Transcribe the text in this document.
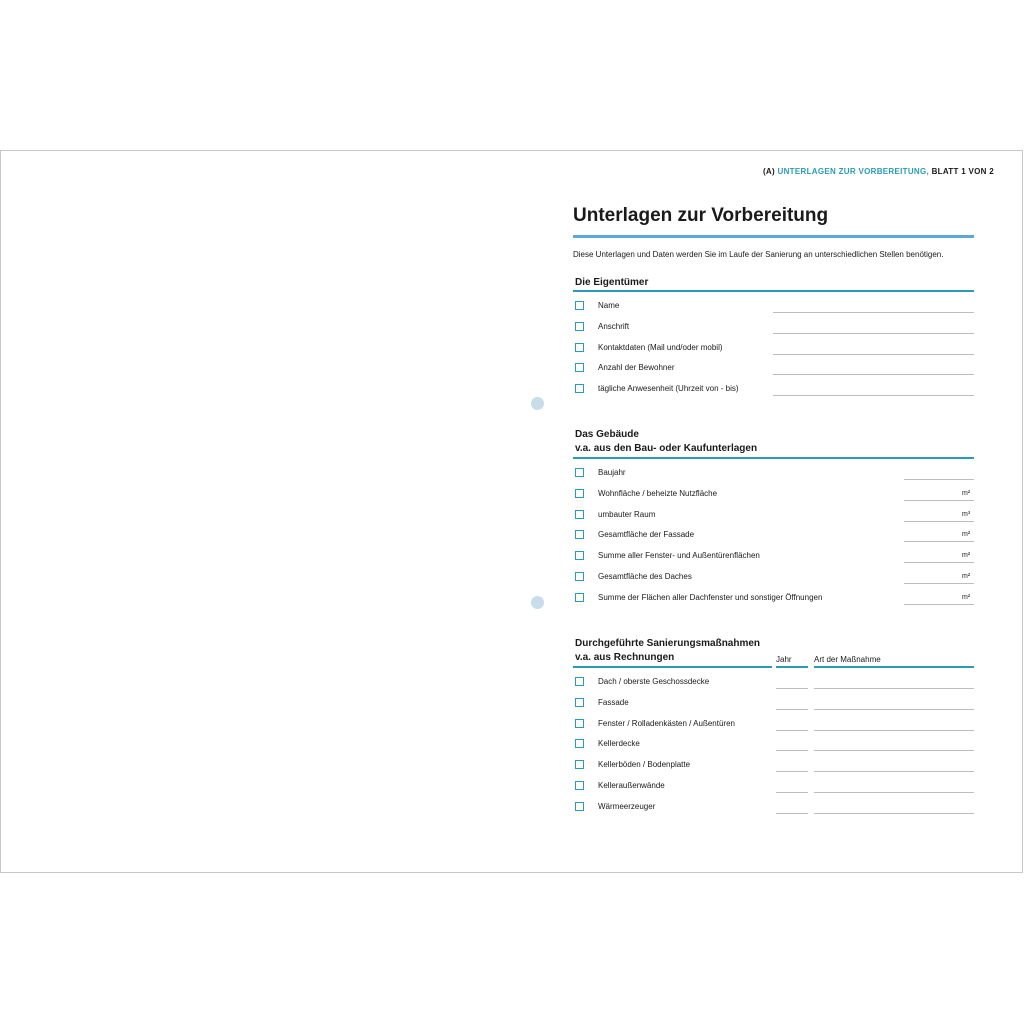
(A) UNTERLAGEN ZUR VORBEREITUNG, BLATT 1 VON 2
Unterlagen zur Vorbereitung
Diese Unterlagen und Daten werden Sie im Laufe der Sanierung an unterschiedlichen Stellen benötigen.
Die Eigentümer
Das Gebäude
v.a. aus den Bau- oder Kaufunterlagen
Durchgeführte Sanierungsmaßnahmen
v.a. aus Rechnungen	Jahr	Art der Maßnahme
Name
Anschrift
Kontaktdaten (Mail und/oder mobil)
Anzahl der Bewohner
tägliche Anwesenheit (Uhrzeit von - bis)
Baujahr
Wohnfläche / beheizte Nutzfläche	m²
umbauter Raum	m³
Gesamtfläche der Fassade	m²
Summe aller Fenster- und Außentürenflächen	m²
Gesamtfläche des Daches	m²
Summe der Flächen aller Dachfenster und sonstiger Öffnungen	m²
Dach / oberste Geschossdecke
Fassade
Fenster / Rolladenkästen / Außentüren
Kellerdecke
Kellerböden / Bodenplatte
Kelleraußenwände
Wärmeerzeuger
